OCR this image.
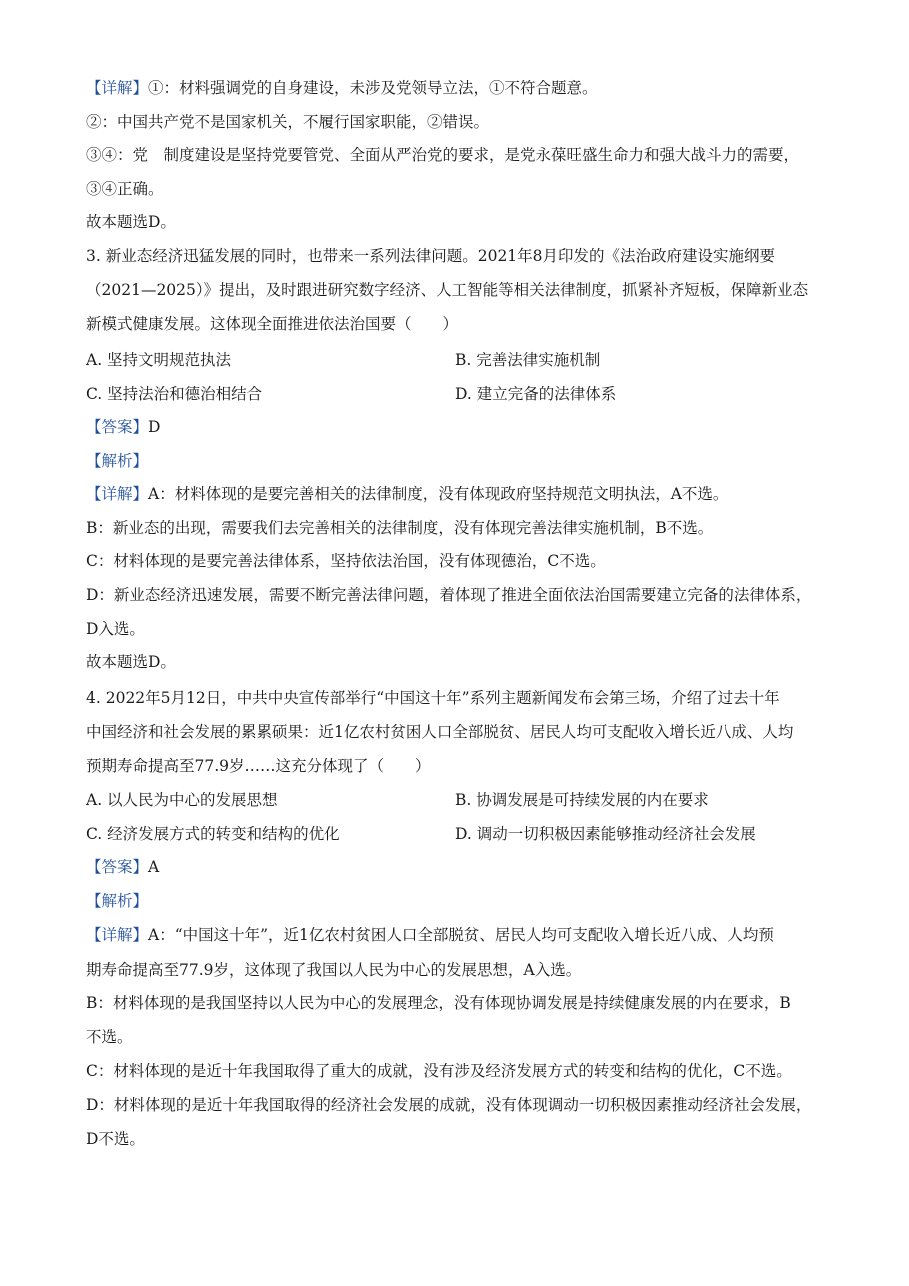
【详解】①：材料强调党的自身建设，未涉及党领导立法，①不符合题意。
②：中国共产党不是国家机关，不履行国家职能，②错误。
③④：党　制度建设是坚持党要管党、全面从严治党的要求，是党永葆旺盛生命力和强大战斗力的需要，
③④正确。
故本题选D。
3. 新业态经济迅猛发展的同时，也带来一系列法律问题。2021年8月印发的《法治政府建设实施纲要
（2021—2025）》提出，及时跟进研究数字经济、人工智能等相关法律制度，抓紧补齐短板，保障新业态
新模式健康发展。这体现全面推进依法治国要（　　）
A. 坚持文明规范执法	B. 完善法律实施机制
C. 坚持法治和德治相结合	D. 建立完备的法律体系
【答案】D
【解析】
【详解】A：材料体现的是要完善相关的法律制度，没有体现政府坚持规范文明执法，A不选。
B：新业态的出现，需要我们去完善相关的法律制度，没有体现完善法律实施机制，B不选。
C：材料体现的是要完善法律体系，坚持依法治国，没有体现德治，C不选。
D：新业态经济迅速发展，需要不断完善法律问题，着体现了推进全面依法治国需要建立完备的法律体系，
D入选。
故本题选D。
4. 2022年5月12日，中共中央宣传部举行“中国这十年”系列主题新闻发布会第三场，介绍了过去十年
中国经济和社会发展的累累硕果：近1亿农村贫困人口全部脱贫、居民人均可支配收入增长近八成、人均
预期寿命提高至77.9岁……这充分体现了（　　）
A. 以人民为中心的发展思想	B. 协调发展是可持续发展的内在要求
C. 经济发展方式的转变和结构的优化	D. 调动一切积极因素能够推动经济社会发展
【答案】A
【解析】
【详解】A：“中国这十年”，近1亿农村贫困人口全部脱贫、居民人均可支配收入增长近八成、人均预
期寿命提高至77.9岁，这体现了我国以人民为中心的发展思想，A入选。
B：材料体现的是我国坚持以人民为中心的发展理念，没有体现协调发展是持续健康发展的内在要求，B
不选。
C：材料体现的是近十年我国取得了重大的成就，没有涉及经济发展方式的转变和结构的优化，C不选。
D：材料体现的是近十年我国取得的经济社会发展的成就，没有体现调动一切积极因素推动经济社会发展，
D不选。
